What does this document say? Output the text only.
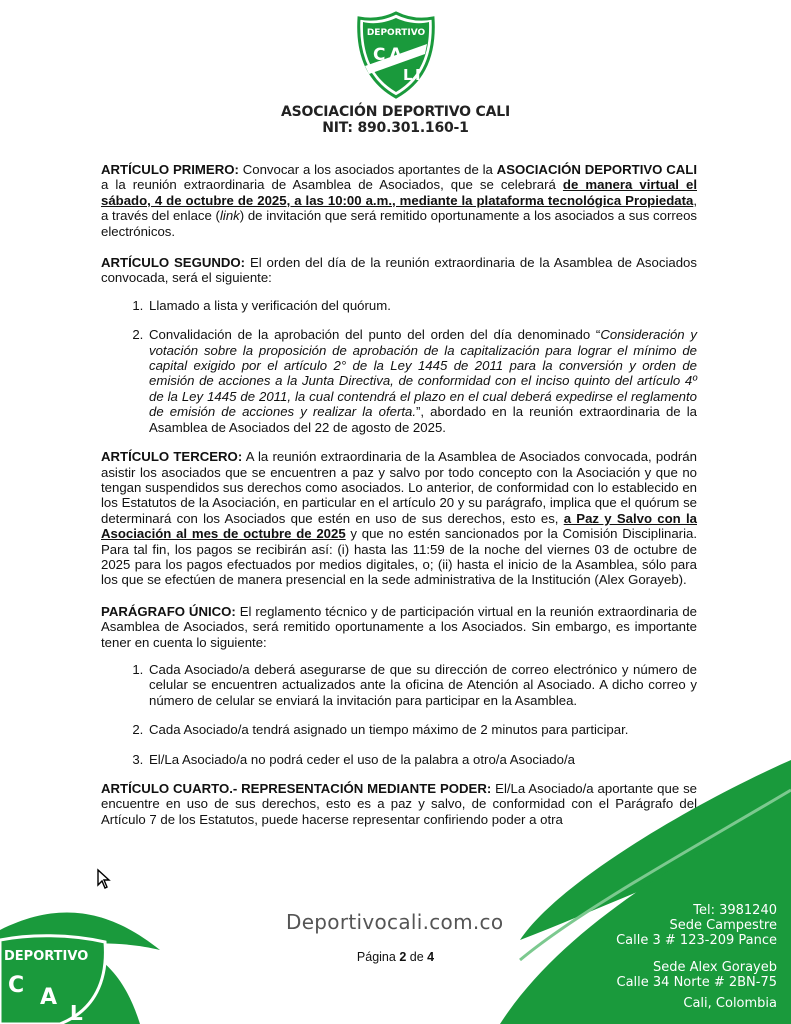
DEPORTIVO
C A
L I
ASOCIACIÓN DEPORTIVO CALI
NIT: 890.301.160-1

ARTÍCULO PRIMERO: Convocar a los asociados aportantes de la ASOCIACIÓN DEPORTIVO CALI a la reunión extraordinaria de Asamblea de Asociados, que se celebrará de manera virtual el sábado, 4 de octubre de 2025, a las 10:00 a.m., mediante la plataforma tecnológica Propiedata, a través del enlace (link) de invitación que será remitido oportunamente a los asociados a sus correos electrónicos.

ARTÍCULO SEGUNDO: El orden del día de la reunión extraordinaria de la Asamblea de Asociados convocada, será el siguiente:

1. Llamado a lista y verificación del quórum.
2. Convalidación de la aprobación del punto del orden del día denominado “Consideración y votación sobre la proposición de aprobación de la capitalización para lograr el mínimo de capital exigido por el artículo 2° de la Ley 1445 de 2011 para la conversión y orden de emisión de acciones a la Junta Directiva, de conformidad con el inciso quinto del artículo 4º de la Ley 1445 de 2011, la cual contendrá el plazo en el cual deberá expedirse el reglamento de emisión de acciones y realizar la oferta.”, abordado en la reunión extraordinaria de la Asamblea de Asociados del 22 de agosto de 2025.

ARTÍCULO TERCERO: A la reunión extraordinaria de la Asamblea de Asociados convocada, podrán asistir los asociados que se encuentren a paz y salvo por todo concepto con la Asociación y que no tengan suspendidos sus derechos como asociados. Lo anterior, de conformidad con lo establecido en los Estatutos de la Asociación, en particular en el artículo 20 y su parágrafo, implica que el quórum se determinará con los Asociados que estén en uso de sus derechos, esto es, a Paz y Salvo con la Asociación al mes de octubre de 2025 y que no estén sancionados por la Comisión Disciplinaria. Para tal fin, los pagos se recibirán así: (i) hasta las 11:59 de la noche del viernes 03 de octubre de 2025 para los pagos efectuados por medios digitales, o; (ii) hasta el inicio de la Asamblea, sólo para los que se efectúen de manera presencial en la sede administrativa de la Institución (Alex Gorayeb).

PARÁGRAFO ÚNICO: El reglamento técnico y de participación virtual en la reunión extraordinaria de Asamblea de Asociados, será remitido oportunamente a los Asociados. Sin embargo, es importante tener en cuenta lo siguiente:

1. Cada Asociado/a deberá asegurarse de que su dirección de correo electrónico y número de celular se encuentren actualizados ante la oficina de Atención al Asociado. A dicho correo y número de celular se enviará la invitación para participar en la Asamblea.
2. Cada Asociado/a tendrá asignado un tiempo máximo de 2 minutos para participar.
3. El/La Asociado/a no podrá ceder el uso de la palabra a otro/a Asociado/a

ARTÍCULO CUARTO.- REPRESENTACIÓN MEDIANTE PODER: El/La Asociado/a aportante que se encuentre en uso de sus derechos, esto es a paz y salvo, de conformidad con el Parágrafo del Artículo 7 de los Estatutos, puede hacerse representar confiriendo poder a otra

DEPORTIVO
C A
L
Deportivocali.com.co
Página 2 de 4
Tel: 3981240
Sede Campestre
Calle 3 # 123-209 Pance
Sede Alex Gorayeb
Calle 34 Norte # 2BN-75
Cali, Colombia
